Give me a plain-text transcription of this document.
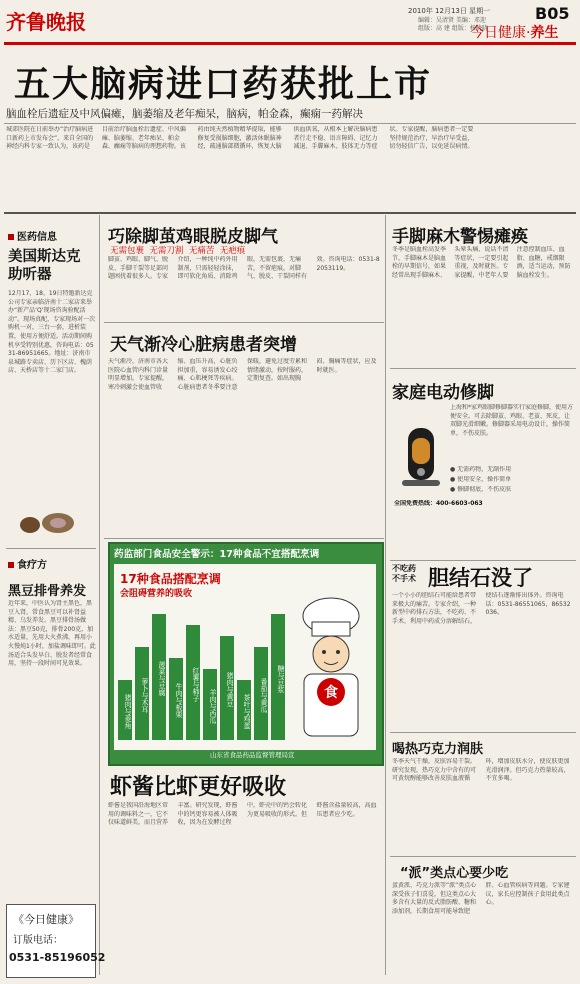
齐鲁晚报	2010年 12月13日 星期一
编辑：吴清贤 美编：邓迎
组版：高 建 组版：杨晓晓
B05
今日健康·养生
五大脑病进口药获批上市
脑血栓后遗症及中风偏瘫，脑萎缩及老年痴呆，脑病，帕金森，癫痫一药解决
城郊医院在日前举办“治疗脑病进口新药上市发布会”，来自全国的神经内科专家一致认为，该药是目前治疗脑血栓后遗症、中风偏瘫、脑萎缩、老年痴呆、帕金森、癫痫等脑病的理想药物。该药由纯天然植物精华提取，能够修复受损脑细胞，激活休眠脑神经，疏通脑部微循环，恢复大脑供血供氧，从根本上解决脑病患者行走不稳、语言障碍、记忆力减退、手脚麻木、肢体无力等症状。专家提醒，脑病患者一定要坚持规范治疗，早治疗早受益，切勿轻信广告，以免延误病情。
医药信息
美国斯达克助听器
12月17、18、19日特邀新达克公司专家亲临济南十二家店来举办“新产品‘Q’现场咨询验配活动”。现场真配，专家现场对一次购机一对，三台一套，进析装置，使用方便舒适。活动期间购机享受特别优惠，咨询电话：0531-86951665。地址：济南市泉城路专卖店、历下区店、槐荫店、天桥店等十二家门店。
食疗方
黑豆排骨养发
近年来，中医认为肾主黑色，黑豆入肾，常食黑豆可以补肾益精、乌发养发。黑豆排骨汤做法：黑豆50克，排骨200克，加水适量，先用大火煮沸，再用小火慢炖1小时，加盐调味即可。此汤适合头发早白、脱发者经常食用，坚持一段时间可见效果。
《今日健康》
订版电话：
0531-85196052
巧除脚茧鸡眼脱皮脚气
无需包裹 无需刀割 无痛苦 无疤痕
脚茧、鸡眼、脚气、脱皮、手脚干裂等足部问题困扰着很多人。专家介绍，一种纯中药外用制剂，只需轻轻涂抹，即可软化角质、消除鸡眼，无需包裹，无痛苦，不留疤痕，对脚气、脱皮、干裂同样有效。咨询电话：0531-82053119。
天气渐冷心脏病患者突增
天气渐冷，济南市各大医院心血管内科门诊量明显增加。专家提醒，寒冷刺激会使血管收缩、血压升高，心脏负担加重，容易诱发心绞痛、心肌梗死等疾病。心脏病患者冬季要注意保暖，避免过度劳累和情绪激动，按时服药，定期复查。如出现胸闷、胸痛等症状，应及时就医。
药监部门食品安全警示：17种食品不宜搭配烹调
17种食品搭配烹调
会阻碍营养的吸收
猪肉与菱角	萝卜与木耳	菠菜与豆腐
牛肉与板栗	红薯与柿子
羊肉与西瓜	猪肉与黄豆
茶叶与鸡蛋	番茄与黄瓜	糖与豆浆
食
山东省食品药品监督管理局宣
虾酱比虾更好吸收
虾酱是我国沿海地区常用的调味料之一，它不仅味道鲜美，而且营养丰富。研究发现，虾酱中的钙更容易被人体吸收，因为在发酵过程中，虾壳中的钙会转化为更易吸收的形式。但虾酱含盐量较高，高血压患者应少吃。
手脚麻木警惕瘫痪
冬季是脑血栓高发季节，手脚麻木是脑血栓的早期信号，如果经常出现手脚麻木、头晕头痛、说话不清等症状，一定要引起重视，及时就医。专家提醒，中老年人要注意控制血压、血脂、血糖，戒烟限酒，适当运动，预防脑血栓发生。
家庭电动修脚
上海和*家鸡眼脚修脚器实行家庭修脚，使用方便安全。可去除脚茧、鸡眼、老茧、死皮，让双脚光滑细嫩。修脚器采用电动设计，操作简单，不伤皮肤。
● 无需药物，无副作用
● 使用安全，操作简单
● 修脚彻底，不伤皮肤
全国免费热线：400-6603-063
不吃药
不手术 胆结石没了
一个小小的胆结石可能给患者带来极大的痛苦。专家介绍，一种新型中药排石方法，不吃药、不手术，利用中药成分溶解结石，使结石逐渐排出体外。咨询电话：0531-86551065，86532036。
喝热巧克力润肤
冬季天气干燥，皮肤容易干裂。研究发现，热巧克力中含有的可可黄烷醇能够改善皮肤血液循环，增加皮肤水分，使皮肤更加光滑润泽。但巧克力热量较高，不宜多喝。
“派”类点心要少吃
蛋黄派、巧克力派等“派”类点心深受孩子们喜爱，但这类点心大多含有大量的反式脂肪酸、糖和添加剂，长期食用可能导致肥胖、心血管疾病等问题。专家建议，家长应控制孩子食用此类点心。
